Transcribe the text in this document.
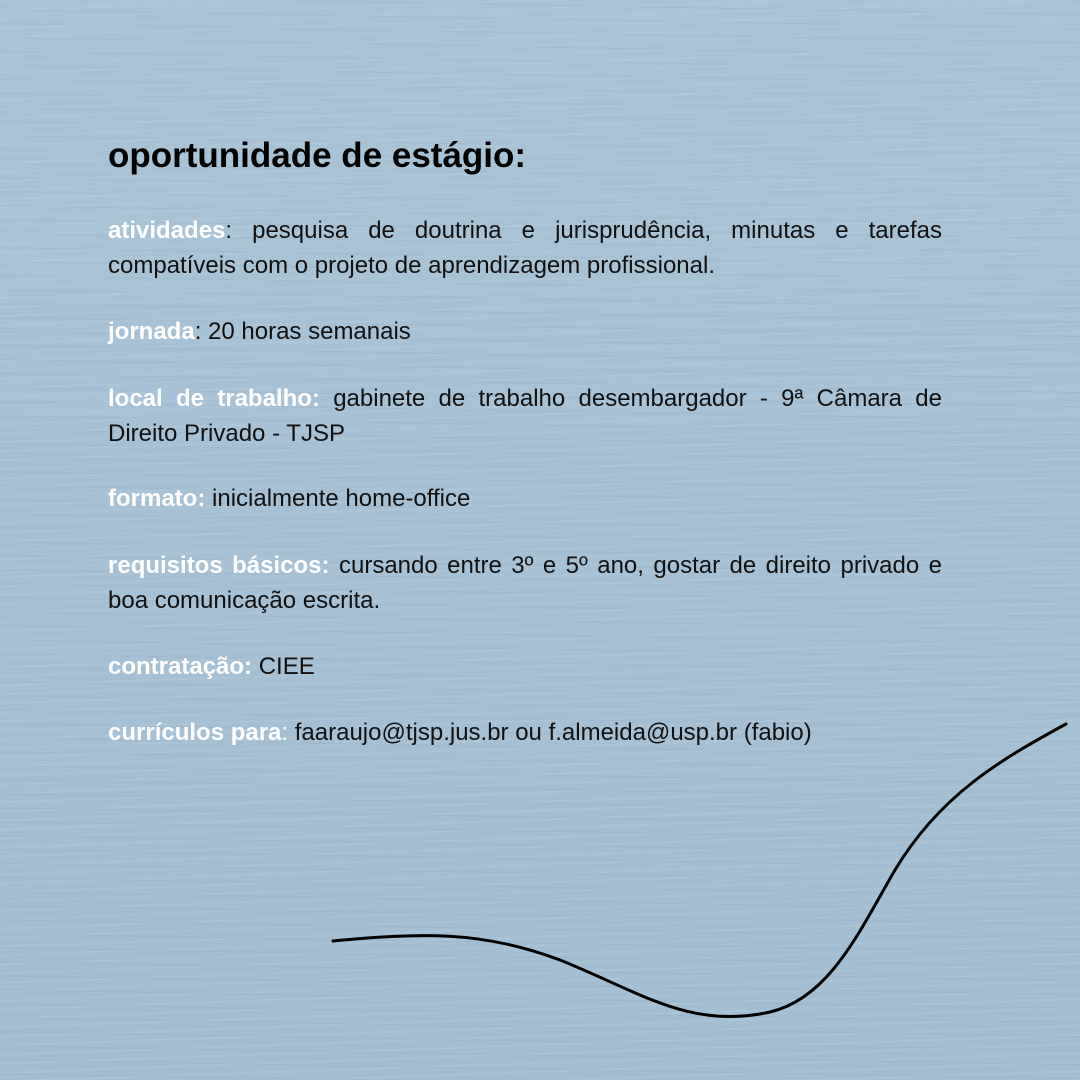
oportunidade de estágio:

atividades: pesquisa de doutrina e jurisprudência, minutas e tarefas compatíveis com o projeto de aprendizagem profissional.

jornada: 20 horas semanais

local de trabalho: gabinete de trabalho desembargador - 9ª Câmara de Direito Privado - TJSP

formato: inicialmente home-office

requisitos básicos: cursando entre 3º e 5º ano, gostar de direito privado e boa comunicação escrita.

contratação: CIEE

currículos para: faaraujo@tjsp.jus.br ou f.almeida@usp.br (fabio)
